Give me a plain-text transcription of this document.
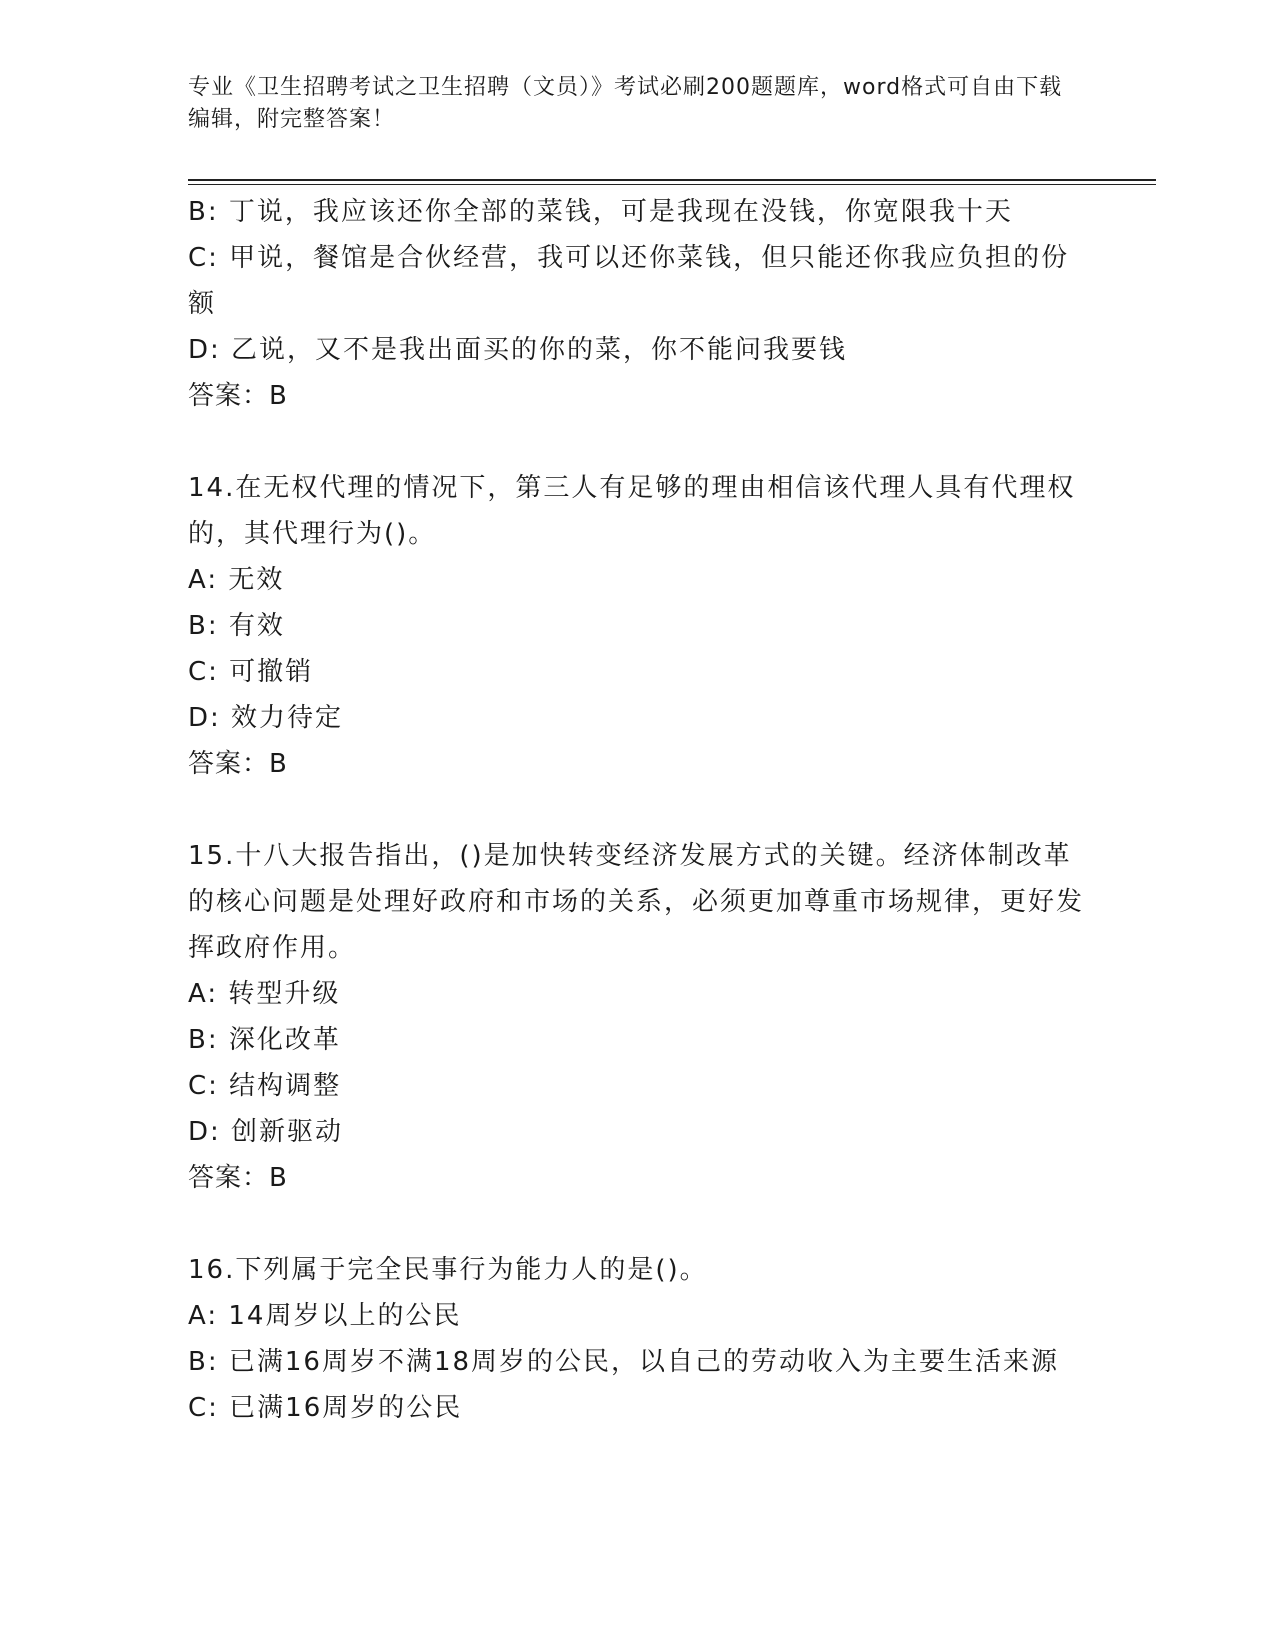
专业《卫生招聘考试之卫生招聘（文员）》考试必刷200题题库，word格式可自由下载编辑，附完整答案！
B: 丁说，我应该还你全部的菜钱，可是我现在没钱，你宽限我十天
C: 甲说，餐馆是合伙经营，我可以还你菜钱，但只能还你我应负担的份额
D: 乙说，又不是我出面买的你的菜，你不能问我要钱
答案：B
14.在无权代理的情况下，第三人有足够的理由相信该代理人具有代理权的，其代理行为()。
A: 无效
B: 有效
C: 可撤销
D: 效力待定
答案：B
15.十八大报告指出，()是加快转变经济发展方式的关键。经济体制改革的核心问题是处理好政府和市场的关系，必须更加尊重市场规律，更好发挥政府作用。
A: 转型升级
B: 深化改革
C: 结构调整
D: 创新驱动
答案：B
16.下列属于完全民事行为能力人的是()。
A: 14周岁以上的公民
B: 已满16周岁不满18周岁的公民，以自己的劳动收入为主要生活来源
C: 已满16周岁的公民
